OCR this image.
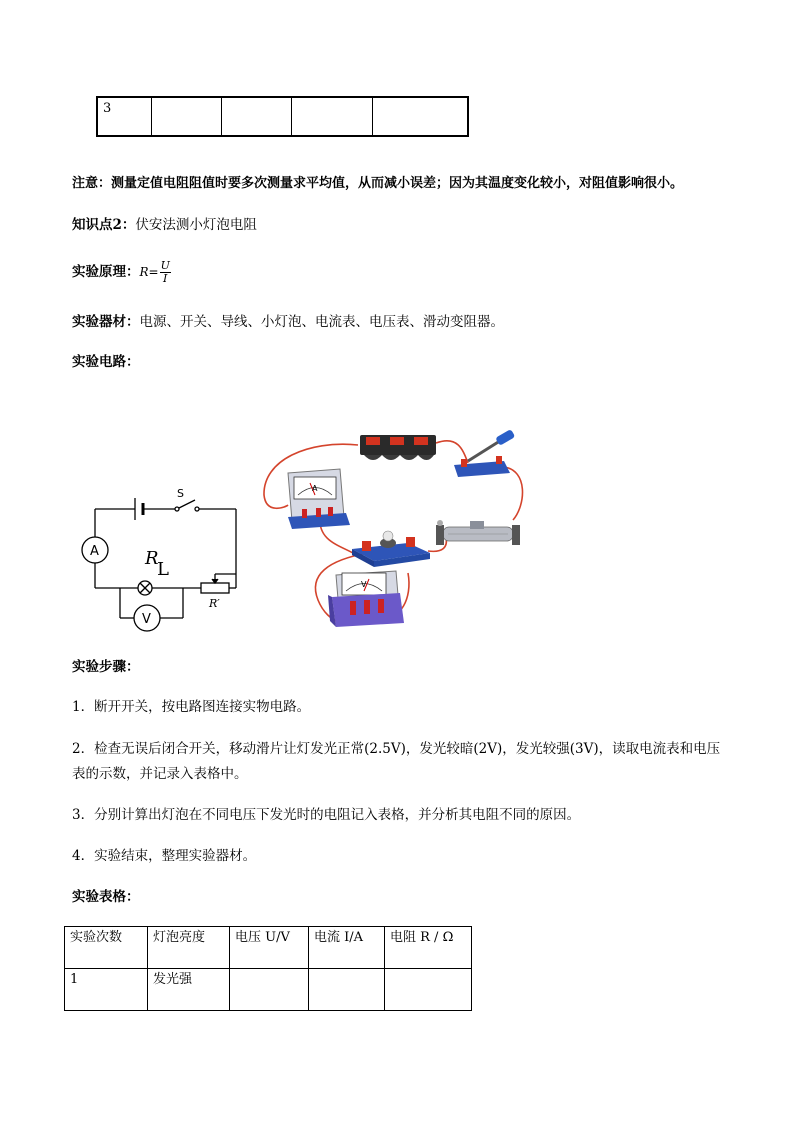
3				
注意：测量定值电阻阻值时要多次测量求平均值，从而减小误差；因为其温度变化较小，对阻值影响很小。
知识点2：伏安法测小灯泡电阻
实验原理：$R= \frac{U}{I}$
实验器材：电源、开关、导线、小灯泡、电流表、电压表、滑动变阻器。
实验电路：
S
A
V
R
L
R′
A
V
实验步骤：
1．断开开关，按电路图连接实物电路。
2．检查无误后闭合开关，移动滑片让灯发光正常(2.5V)，发光较暗(2V)，发光较强(3V)，读取电流表和电压
表的示数，并记录入表格中。
3．分别计算出灯泡在不同电压下发光时的电阻记入表格，并分析其电阻不同的原因。
4．实验结束，整理实验器材。
实验表格：
实验次数	灯泡亮度	电压 U/V	电流 I/A	电阻 R / Ω
1	发光强			
